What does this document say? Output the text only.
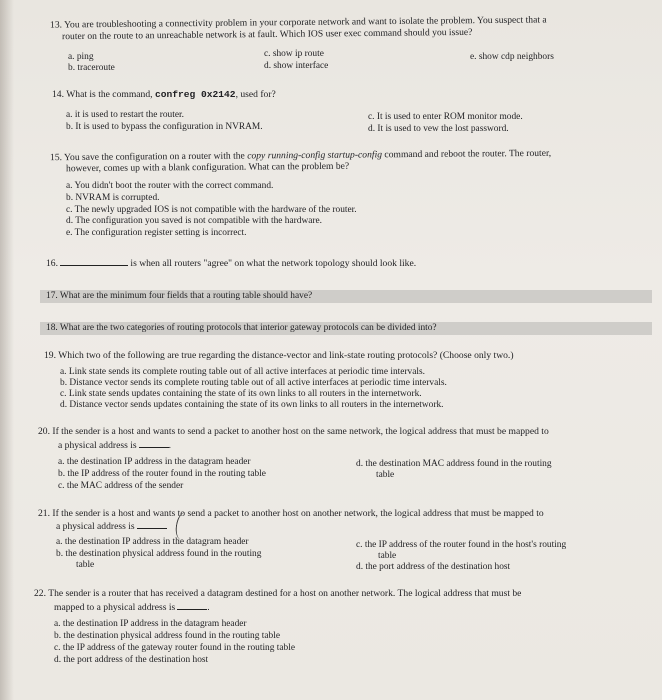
13. You are troubleshooting a connectivity problem in your corporate network and want to isolate the problem. You suspect that a
router on the route to an unreachable network is at fault. Which IOS user exec command should you issue?
a. ping
b. traceroute
c. show ip route
d. show interface
e. show cdp neighbors
14. What is the command, confreg 0x2142, used for?
a. it is used to restart the router.
b. It is used to bypass the configuration in NVRAM.
c. It is used to enter ROM monitor mode.
d. It is used to vew the lost password.
15. You save the configuration on a router with the copy running-config startup-config command and reboot the router. The router,
however, comes up with a blank configuration. What can the problem be?
a. You didn't boot the router with the correct command.
b. NVRAM is corrupted.
c. The newly upgraded IOS is not compatible with the hardware of the router.
d. The configuration you saved is not compatible with the hardware.
e. The configuration register setting is incorrect.
16.	is when all routers "agree" on what the network topology should look like.
17. What are the minimum four fields that a routing table should have?
18. What are the two categories of routing protocols that interior gateway protocols can be divided into?
19. Which two of the following are true regarding the distance-vector and link-state routing protocols? (Choose only two.)
a. Link state sends its complete routing table out of all active interfaces at periodic time intervals.
b. Distance vector sends its complete routing table out of all active interfaces at periodic time intervals.
c. Link state sends updates containing the state of its own links to all routers in the internetwork.
d. Distance vector sends updates containing the state of its own links to all routers in the internetwork.
20. If the sender is a host and wants to send a packet to another host on the same network, the logical address that must be mapped to
a physical address is	.
a. the destination IP address in the datagram header
b. the IP address of the router found in the routing table
c. the MAC address of the sender
d. the destination MAC address found in the routing
table
21. If the sender is a host and wants to send a packet to another host on another network, the logical address that must be mapped to
a physical address is
a. the destination IP address in the datagram header
b. the destination physical address found in the routing
table
c. the IP address of the router found in the host's routing
table
d. the port address of the destination host
22. The sender is a router that has received a datagram destined for a host on another network. The logical address that must be
mapped to a physical address is	.
a. the destination IP address in the datagram header
b. the destination physical address found in the routing table
c. the IP address of the gateway router found in the routing table
d. the port address of the destination host
